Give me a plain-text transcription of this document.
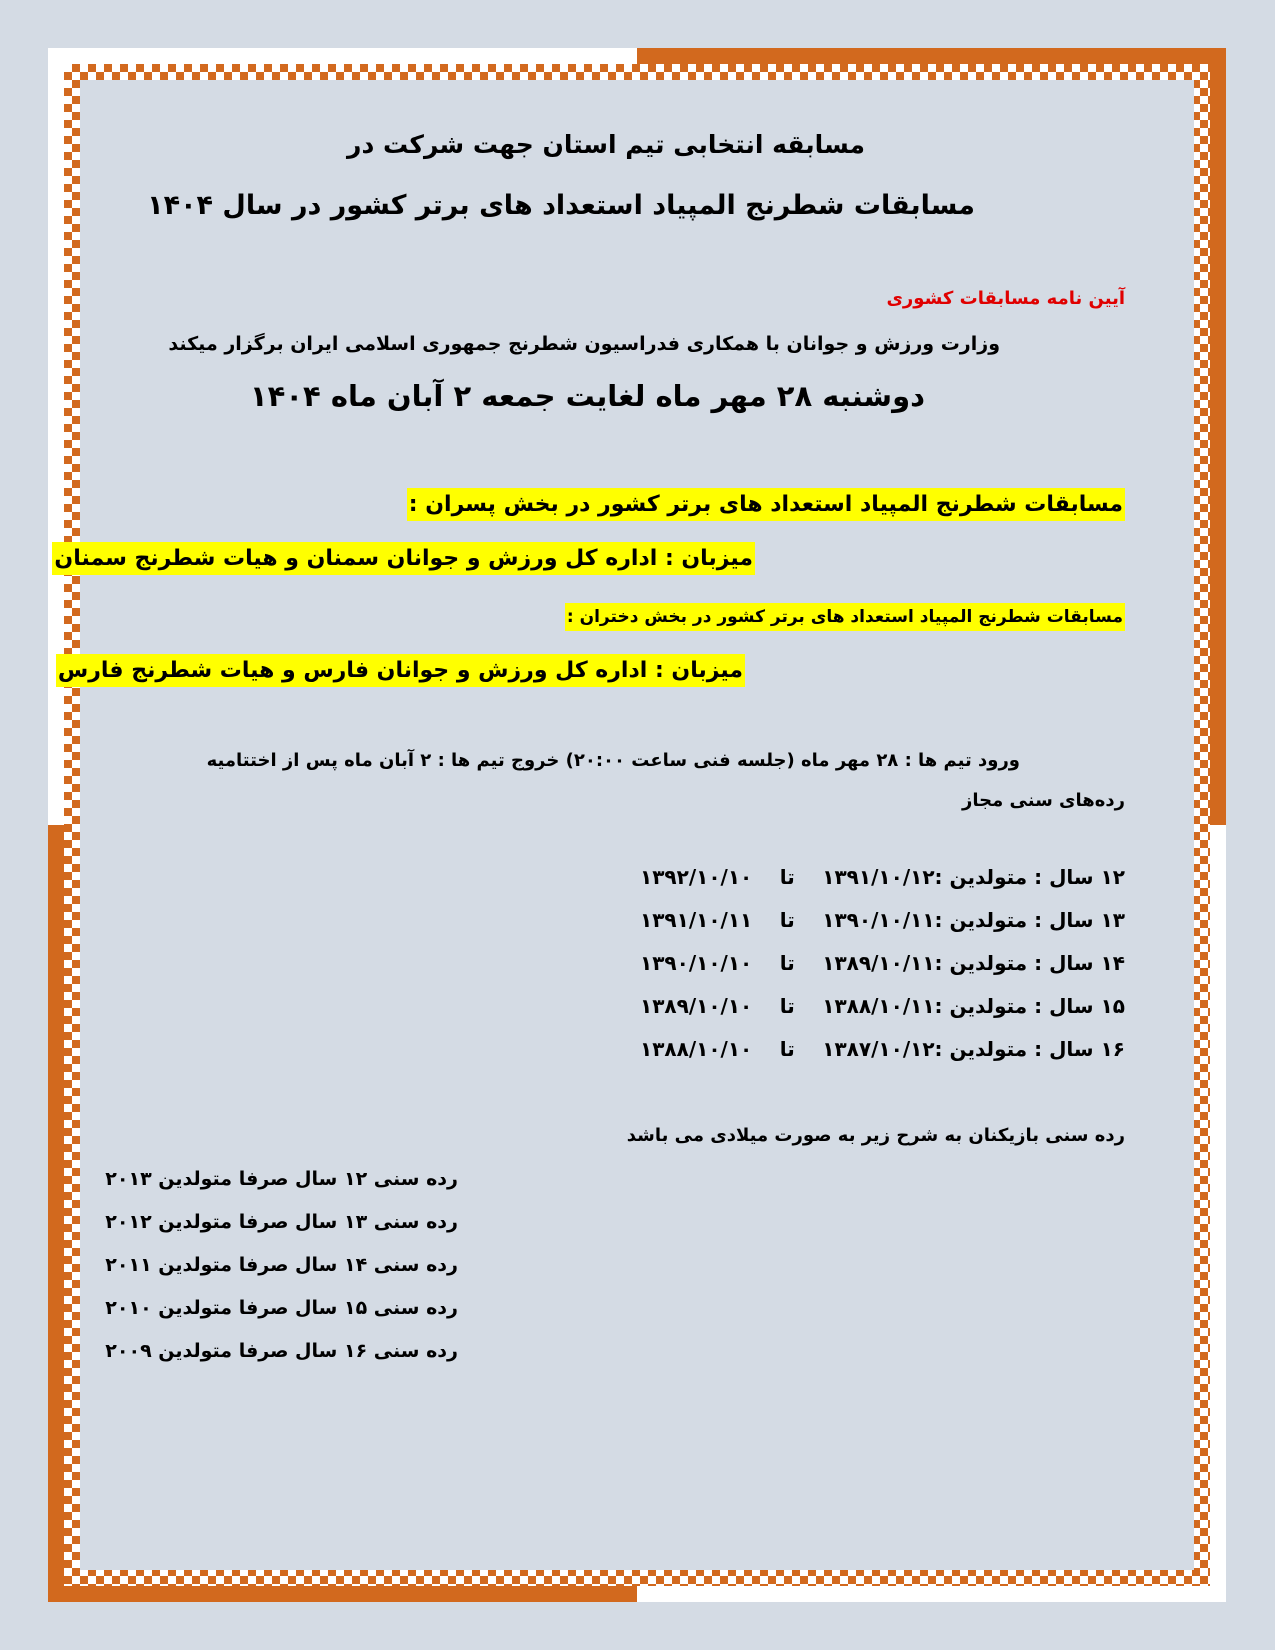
مسابقه انتخابی تیم استان جهت شرکت در
مسابقات شطرنج المپیاد استعداد های برتر کشور در سال ۱۴۰۴
آیین نامه مسابقات کشوری
وزارت ورزش و جوانان با همکاری فدراسیون شطرنج جمهوری اسلامی ایران برگزار میکند
دوشنبه ۲۸ مهر ماه لغایت جمعه ۲ آبان ماه ۱۴۰۴
مسابقات شطرنج المپیاد استعداد های برتر کشور در بخش پسران :
میزبان : اداره کل ورزش و جوانان سمنان و هیات شطرنج سمنان
مسابقات شطرنج المپیاد استعداد های برتر کشور در بخش دختران :
میزبان : اداره کل ورزش و جوانان فارس و هیات شطرنج فارس
ورود تیم ها : ۲۸ مهر ماه (جلسه فنی ساعت ۲۰:۰۰) خروج تیم ها : ۲ آبان ماه پس از اختتامیه
رده‌های سنی مجاز
۱۲ سال : متولدین :۱۳۹۱/۱۰/۱۲تا۱۳۹۲/۱۰/۱۰
۱۳ سال : متولدین :۱۳۹۰/۱۰/۱۱تا۱۳۹۱/۱۰/۱۱
۱۴ سال : متولدین :۱۳۸۹/۱۰/۱۱تا۱۳۹۰/۱۰/۱۰
۱۵ سال : متولدین :۱۳۸۸/۱۰/۱۱تا۱۳۸۹/۱۰/۱۰
۱۶ سال : متولدین :۱۳۸۷/۱۰/۱۲تا۱۳۸۸/۱۰/۱۰
رده سنی بازیکنان به شرح زیر به صورت میلادی می باشد
رده سنی ۱۲ سال صرفا متولدین ۲۰۱۳
رده سنی ۱۳ سال صرفا متولدین ۲۰۱۲
رده سنی ۱۴ سال صرفا متولدین ۲۰۱۱
رده سنی ۱۵ سال صرفا متولدین ۲۰۱۰
رده سنی ۱۶ سال صرفا متولدین ۲۰۰۹
